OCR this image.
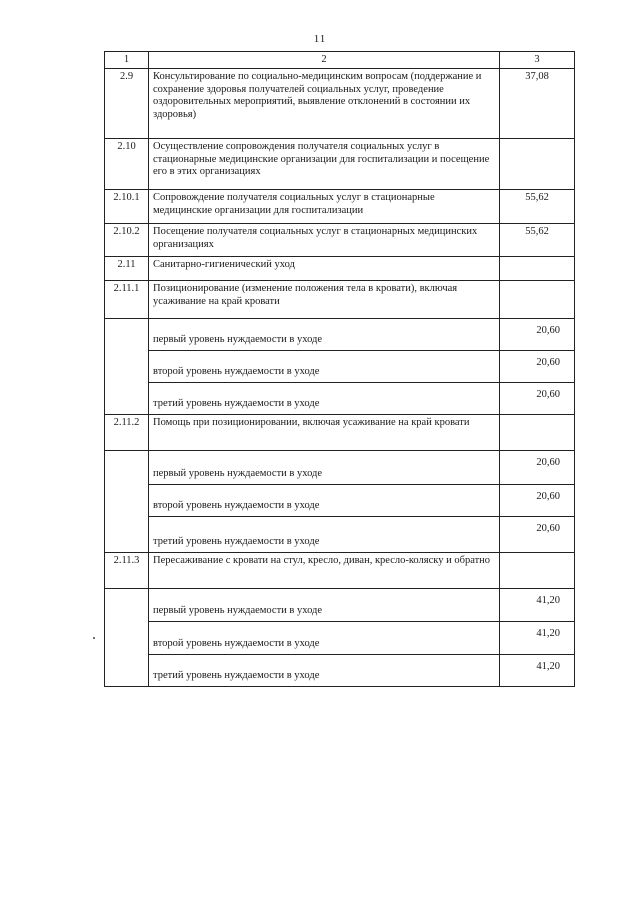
11
1	2	3
2.9	Консультирование по социально-медицинским вопросам (поддержание и сохранение здоровья получателей социальных услуг, проведение оздоровительных мероприятий, выявление отклонений в состоянии их здоровья)	37,08
2.10	Осуществление сопровождения получателя социальных услуг в стационарные медицинские организации для госпитализации и посещение его в этих организациях	
2.10.1	Сопровождение получателя социальных услуг в стационарные медицинские организации для госпитализации	55,62
2.10.2	Посещение получателя социальных услуг в стационарных медицинских организациях	55,62
2.11	Санитарно-гигиенический уход	
2.11.1	Позиционирование (изменение положения тела в кровати), включая усаживание на край кровати	
	первый уровень нуждаемости в уходе	20,60
	второй уровень нуждаемости в уходе	20,60
	третий уровень нуждаемости в уходе	20,60
2.11.2	Помощь при позиционировании, включая усаживание на край кровати	
	первый уровень нуждаемости в уходе	20,60
	второй уровень нуждаемости в уходе	20,60
	третий уровень нуждаемости в уходе	20,60
2.11.3	Пересаживание с кровати на стул, кресло, диван, кресло-коляску и обратно	
	первый уровень нуждаемости в уходе	41,20
	второй уровень нуждаемости в уходе	41,20
	третий уровень нуждаемости в уходе	41,20
